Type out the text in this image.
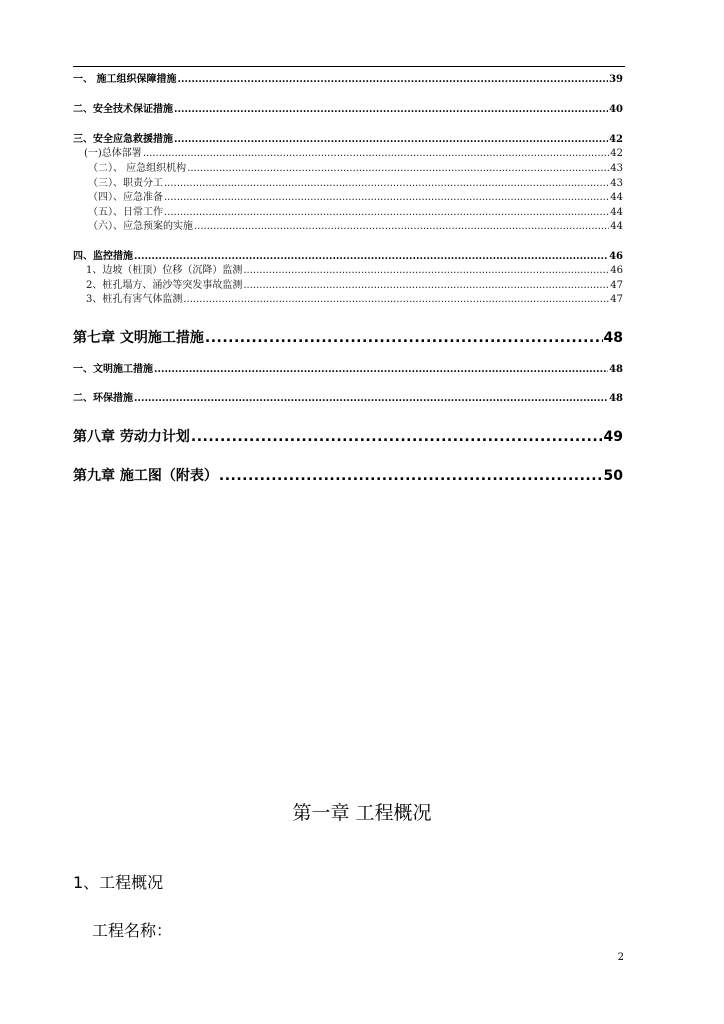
一、 施工组织保障措施 .....	39
二、安全技术保证措施 .....	40
三、安全应急救援措施 .....	42
(一)总体部署 .....	42
（二）、 应急组织机构 .....	43
（三）、职责分工 .....	43
（四）、应急准备 .....	44
（五）、日常工作 .....	44
（六）、应急预案的实施 .....	44
四、监控措施 .....	46
1、边坡（桩顶）位移（沉降）监测 .....	46
2、桩孔塌方、涌沙等突发事故监测 .....	47
3、桩孔有害气体监测 .....	47
第七章 文明施工措施 .....	48
一、文明施工措施 .....	48
二、环保措施 .....	48
第八章 劳动力计划 .....	49
第九章 施工图（附表） .....	50
第一章 工程概况
1、工程概况
工程名称：
2
